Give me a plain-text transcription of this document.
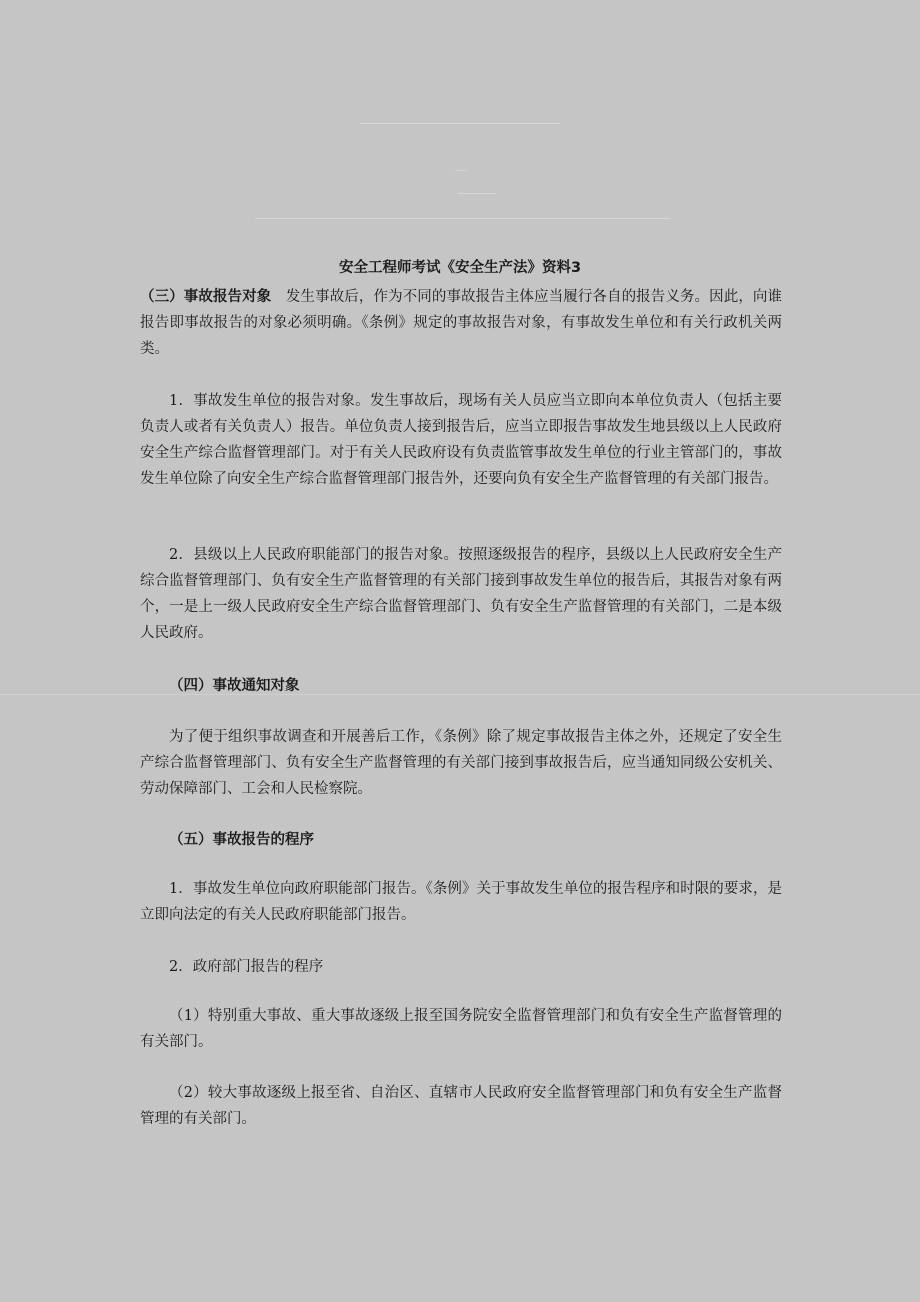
安全工程师考试《安全生产法》资料3
（三）事故报告对象　发生事故后，作为不同的事故报告主体应当履行各自的报告义务。因此，向谁报告即事故报告的对象必须明确。《条例》规定的事故报告对象，有事故发生单位和有关行政机关两类。
1．事故发生单位的报告对象。发生事故后，现场有关人员应当立即向本单位负责人（包括主要负责人或者有关负责人）报告。单位负责人接到报告后，应当立即报告事故发生地县级以上人民政府安全生产综合监督管理部门。对于有关人民政府设有负责监管事故发生单位的行业主管部门的，事故发生单位除了向安全生产综合监督管理部门报告外，还要向负有安全生产监督管理的有关部门报告。
2．县级以上人民政府职能部门的报告对象。按照逐级报告的程序，县级以上人民政府安全生产综合监督管理部门、负有安全生产监督管理的有关部门接到事故发生单位的报告后，其报告对象有两个，一是上一级人民政府安全生产综合监督管理部门、负有安全生产监督管理的有关部门，二是本级人民政府。
（四）事故通知对象
为了便于组织事故调查和开展善后工作，《条例》除了规定事故报告主体之外，还规定了安全生产综合监督管理部门、负有安全生产监督管理的有关部门接到事故报告后，应当通知同级公安机关、劳动保障部门、工会和人民检察院。
（五）事故报告的程序
1．事故发生单位向政府职能部门报告。《条例》关于事故发生单位的报告程序和时限的要求，是立即向法定的有关人民政府职能部门报告。
2．政府部门报告的程序
（1）特别重大事故、重大事故逐级上报至国务院安全监督管理部门和负有安全生产监督管理的有关部门。
（2）较大事故逐级上报至省、自治区、直辖市人民政府安全监督管理部门和负有安全生产监督管理的有关部门。
